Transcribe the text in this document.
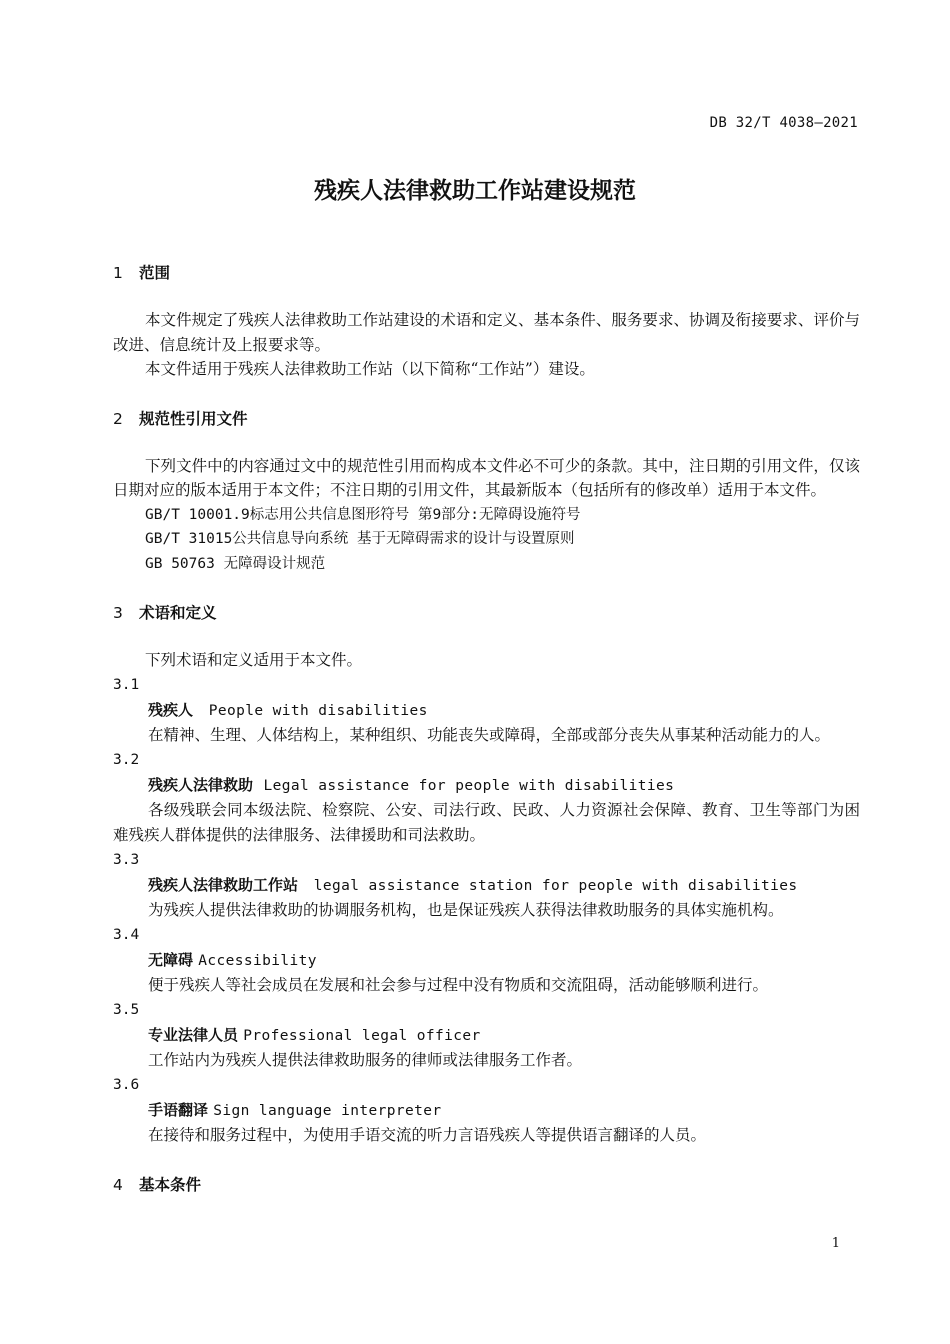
DB 32/T 4038—2021
残疾人法律救助工作站建设规范
1	范围
本文件规定了残疾人法律救助工作站建设的术语和定义、基本条件、服务要求、协调及衔接要求、评价与改进、信息统计及上报要求等。
本文件适用于残疾人法律救助工作站（以下简称“工作站”）建设。
2	规范性引用文件
下列文件中的内容通过文中的规范性引用而构成本文件必不可少的条款。其中，注日期的引用文件，仅该日期对应的版本适用于本文件；不注日期的引用文件，其最新版本（包括所有的修改单）适用于本文件。
GB/T 10001.9标志用公共信息图形符号 第9部分:无障碍设施符号
GB/T 31015公共信息导向系统 基于无障碍需求的设计与设置原则
GB 50763 无障碍设计规范
3	术语和定义
下列术语和定义适用于本文件。
3.1
残疾人 People with disabilities
在精神、生理、人体结构上，某种组织、功能丧失或障碍，全部或部分丧失从事某种活动能力的人。
3.2
残疾人法律救助 Legal assistance for people with disabilities
各级残联会同本级法院、检察院、公安、司法行政、民政、人力资源社会保障、教育、卫生等部门为困难残疾人群体提供的法律服务、法律援助和司法救助。
3.3
残疾人法律救助工作站 legal assistance station for people with disabilities
为残疾人提供法律救助的协调服务机构，也是保证残疾人获得法律救助服务的具体实施机构。
3.4
无障碍 Accessibility
便于残疾人等社会成员在发展和社会参与过程中没有物质和交流阻碍，活动能够顺利进行。
3.5
专业法律人员 Professional legal officer
工作站内为残疾人提供法律救助服务的律师或法律服务工作者。
3.6
手语翻译 Sign language interpreter
在接待和服务过程中，为使用手语交流的听力言语残疾人等提供语言翻译的人员。
4	基本条件
1
